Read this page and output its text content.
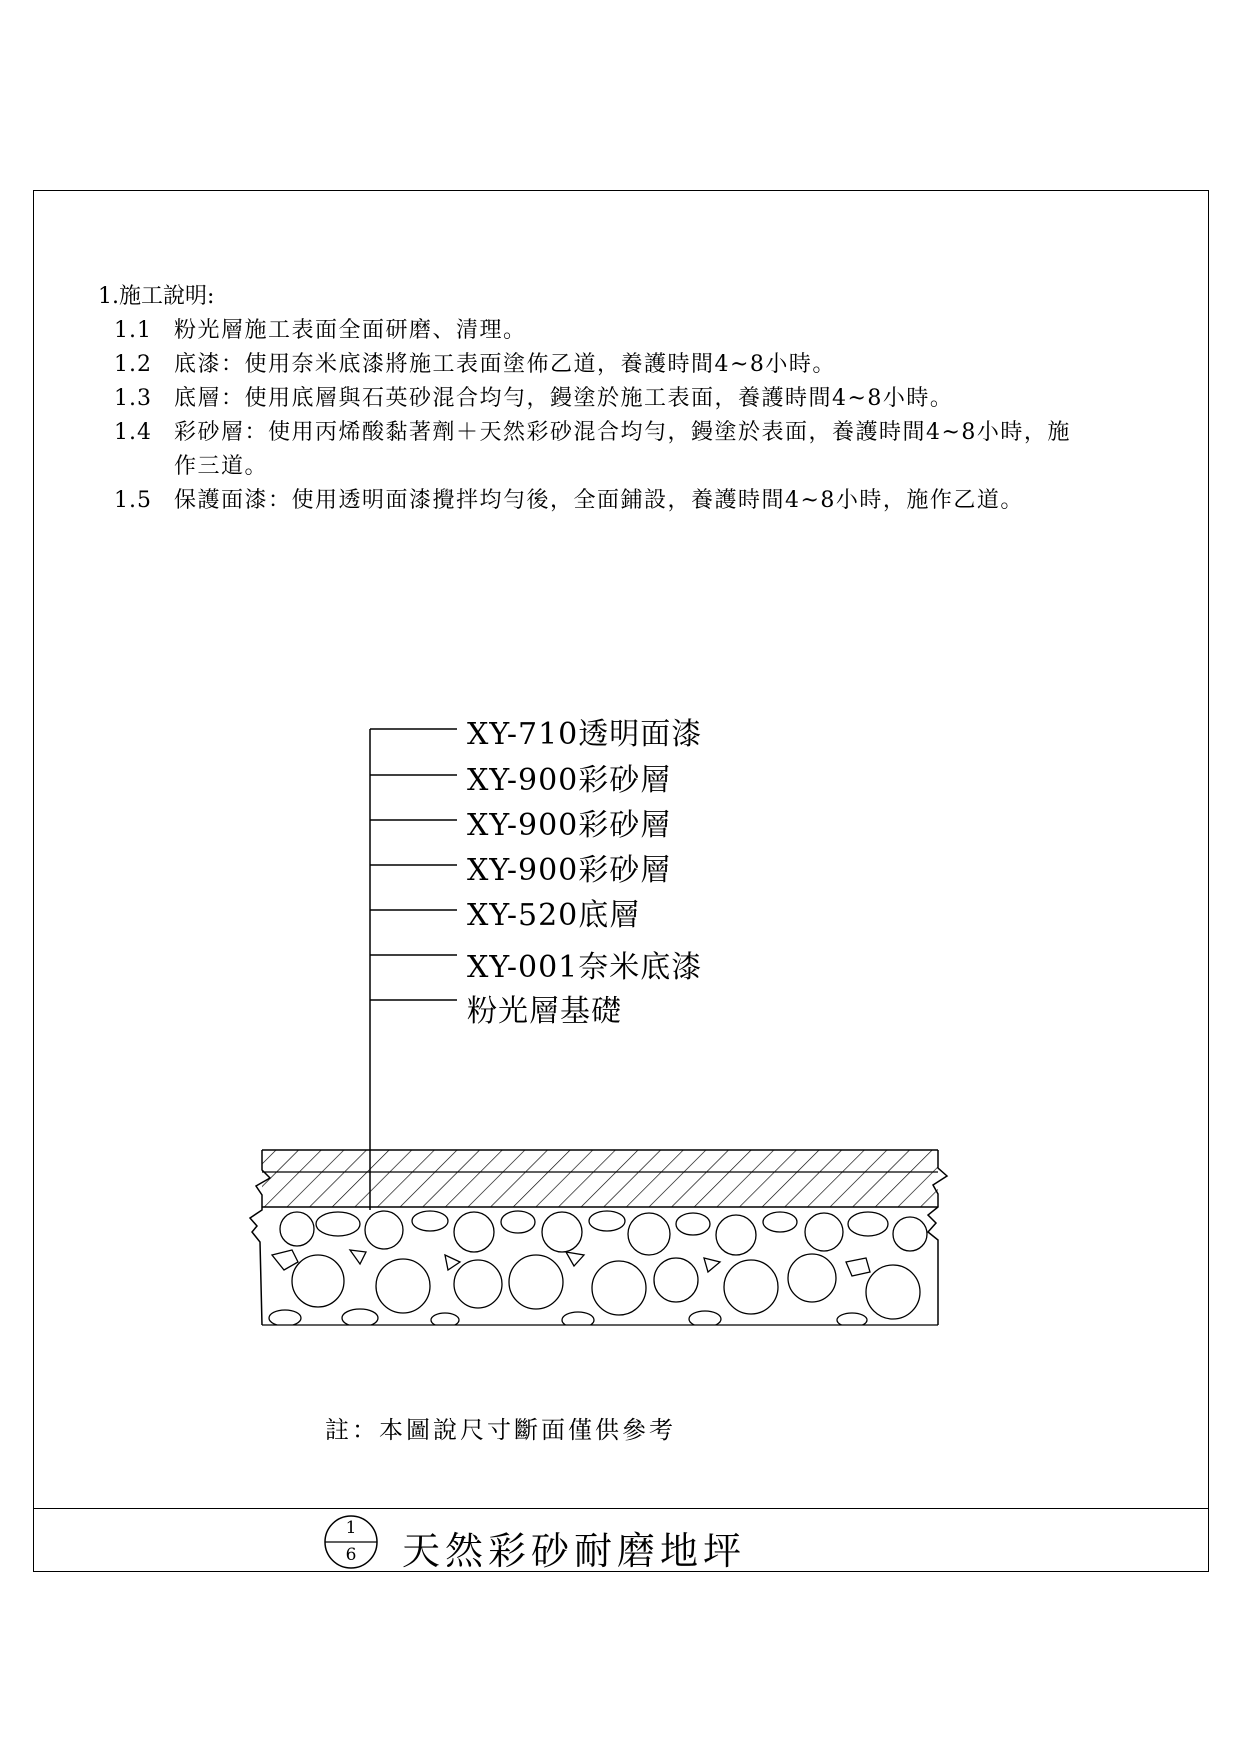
1.施工說明:
1.1	粉光層施工表面全面研磨、清理。
1.2	底漆：使用奈米底漆將施工表面塗佈乙道，養護時間4~8小時。
1.3	底層：使用底層與石英砂混合均勻，鏝塗於施工表面，養護時間4~8小時。
1.4	彩砂層：使用丙烯酸黏著劑＋天然彩砂混合均勻，鏝塗於表面，養護時間4~8小時，施作三道。
1.5	保護面漆：使用透明面漆攪拌均勻後，全面鋪設，養護時間4~8小時，施作乙道。
XY-710透明面漆
XY-900彩砂層
XY-900彩砂層
XY-900彩砂層
XY-520底層
XY-001奈米底漆
粉光層基礎
註：本圖說尺寸斷面僅供參考
1
6	天然彩砂耐磨地坪
